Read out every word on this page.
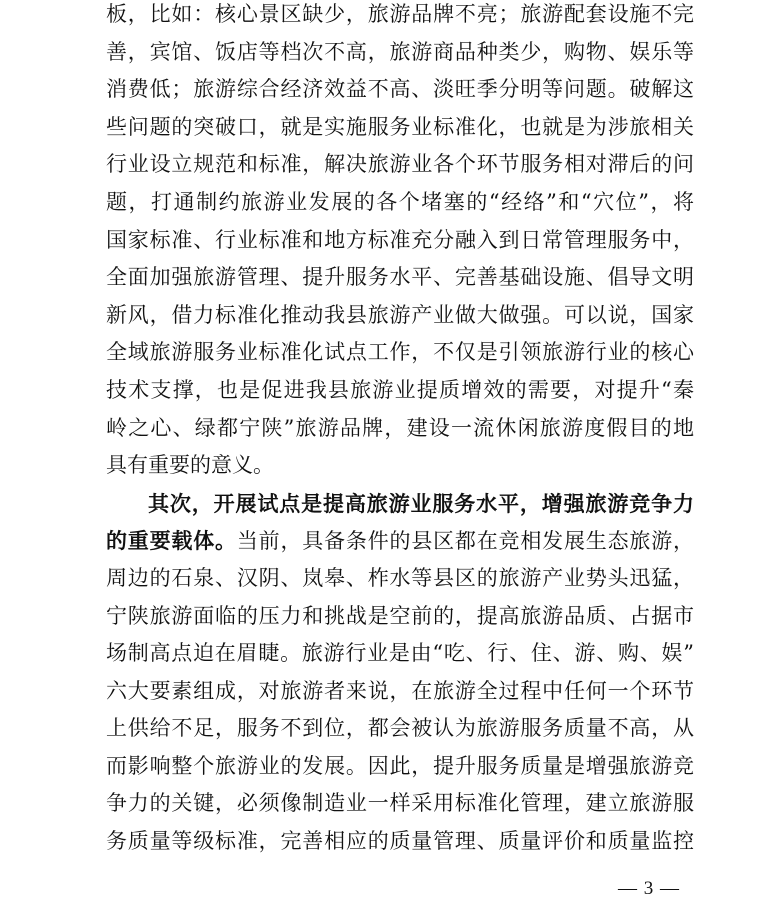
板，比如：核心景区缺少，旅游品牌不亮；旅游配套设施不完
善，宾馆、饭店等档次不高，旅游商品种类少，购物、娱乐等
消费低；旅游综合经济效益不高、淡旺季分明等问题。破解这
些问题的突破口，就是实施服务业标准化，也就是为涉旅相关
行业设立规范和标准，解决旅游业各个环节服务相对滞后的问
题，打通制约旅游业发展的各个堵塞的“经络”和“穴位”，将
国家标准、行业标准和地方标准充分融入到日常管理服务中，
全面加强旅游管理、提升服务水平、完善基础设施、倡导文明
新风，借力标准化推动我县旅游产业做大做强。可以说，国家
全域旅游服务业标准化试点工作，不仅是引领旅游行业的核心
技术支撑，也是促进我县旅游业提质增效的需要，对提升“秦
岭之心、绿都宁陕”旅游品牌，建设一流休闲旅游度假目的地
具有重要的意义。
其次，开展试点是提高旅游业服务水平，增强旅游竞争力
的重要载体。当前，具备条件的县区都在竞相发展生态旅游，
周边的石泉、汉阴、岚皋、柞水等县区的旅游产业势头迅猛，
宁陕旅游面临的压力和挑战是空前的，提高旅游品质、占据市
场制高点迫在眉睫。旅游行业是由“吃、行、住、游、购、娱”
六大要素组成，对旅游者来说，在旅游全过程中任何一个环节
上供给不足，服务不到位，都会被认为旅游服务质量不高，从
而影响整个旅游业的发展。因此，提升服务质量是增强旅游竞
争力的关键，必须像制造业一样采用标准化管理，建立旅游服
务质量等级标准，完善相应的质量管理、质量评价和质量监控
— 3 —
